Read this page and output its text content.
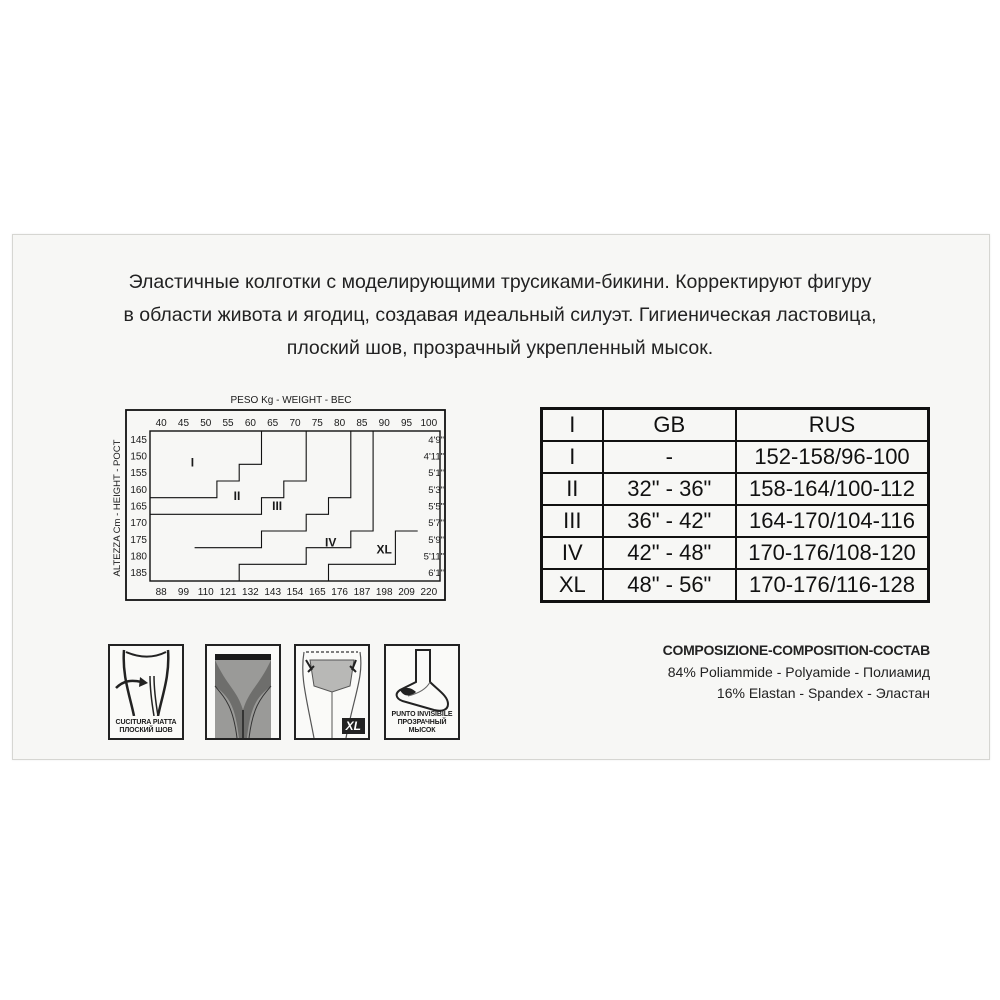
Эластичные колготки с моделирующими трусиками-бикини. Корректируют фигуру
в области живота и ягодиц, создавая идеальный силуэт. Гигиеническая ластовица,
плоский шов, прозрачный укрепленный мысок.
PESO Kg - WEIGHT - BEC
ALTEZZA Cm - HEIGHT - POCT
40 45 50 55 60 65 70 75 80 85 90 95 100
88 99 110 121 132 143 154 165 176 187 198 209 220
145
150
155
160
165
170
175
180
185
4'9"
4'11"
5'1"
5'3"
5'5"
5'7"
5'9"
5'11"
6'1"
I
II
III
IV	XL
I	GB	RUS
I	-	152-158/96-100
II	32" - 36"	158-164/100-112
III	36" - 42"	164-170/104-116
IV	42" - 48"	170-176/108-120
XL	48" - 56"	170-176/116-128
CUCITURA PIATTA
ПЛОСКИЙ ШОВ	XL
PUNTO INVISIBILE
ПРОЗРАЧНЫЙ МЫСОК
COMPOSIZIONE-COMPOSITION-COCTAB
84% Poliammide - Polyamide - Полиамид
16% Elastan - Spandex - Эластан
